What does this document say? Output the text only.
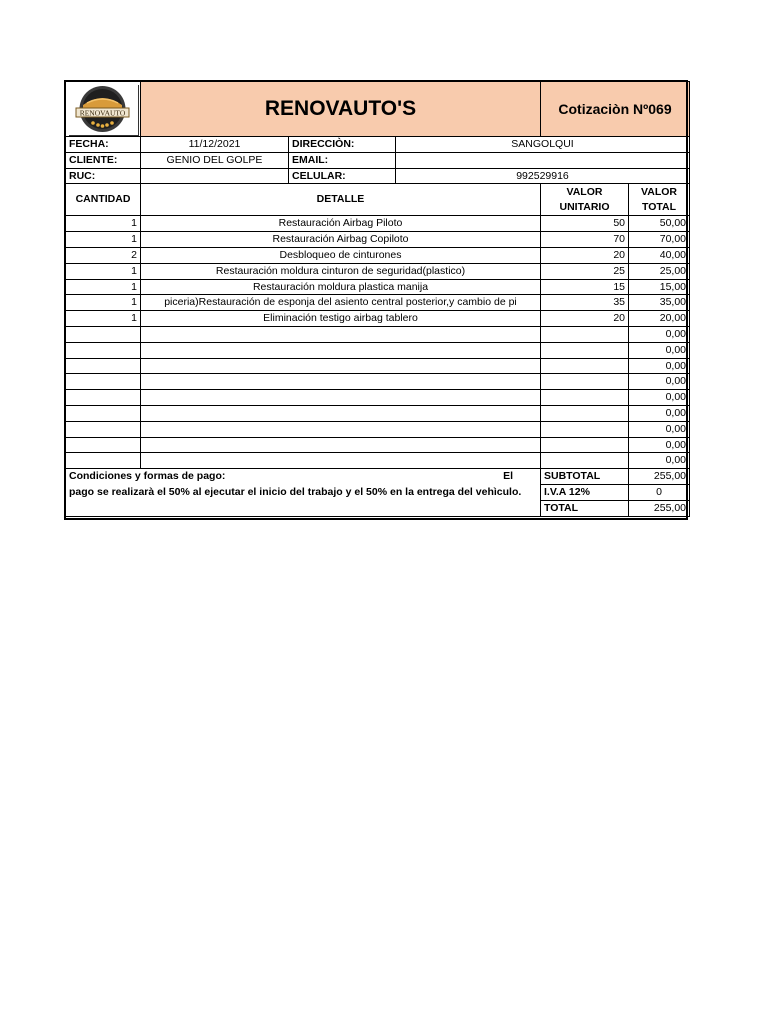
RENOVAUTO	RENOVAUTO'S			Cotizaciòn Nº069	
FECHA:	11/12/2021	DIRECCIÒN:	SANGOLQUI		
CLIENTE:	GENIO DEL GOLPE	EMAIL:			
RUC:		CELULAR:	992529916		
CANTIDAD	DETALLE			VALOR UNITARIO	VALOR TOTAL
1	Restauración Airbag Piloto			50	50,00
1	Restauración Airbag Copiloto			70	70,00
2	Desbloqueo de cinturones			20	40,00
1	Restauración moldura cinturon de seguridad(plastico)			25	25,00
1	Restauración moldura plastica manija			15	15,00
1	piceria)Restauración de esponja del asiento central posterior,y cambio de pi			35	35,00
1	Eliminación testigo airbag tablero			20	20,00
					0,00
					0,00
					0,00
					0,00
					0,00
					0,00
					0,00
					0,00
					0,00

Condiciones y formas de pago: El
pago se realizarà el 50% al ejecutar el inicio del trabajo y el 50% en la entrega del vehìculo.				SUBTOTAL	255,00
				I.V.A 12%	0
				TOTAL	255,00
